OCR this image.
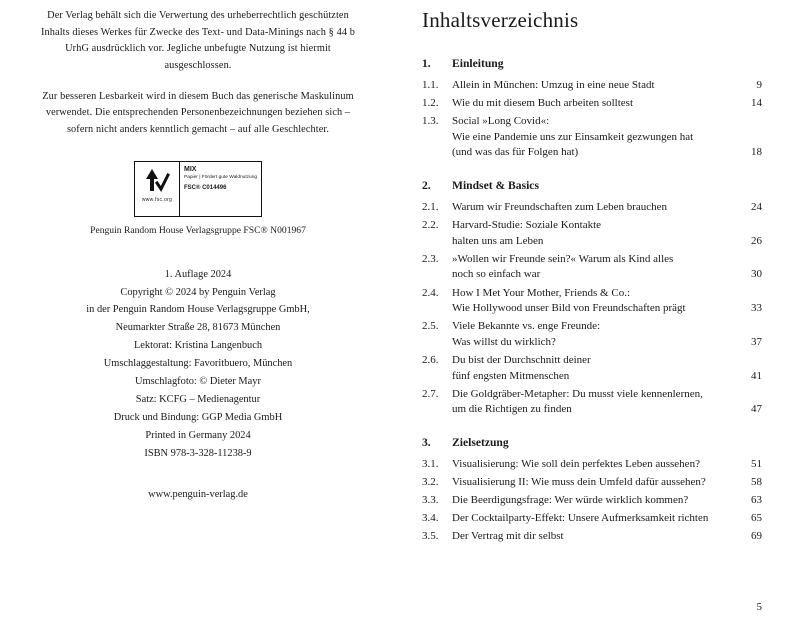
Der Verlag behält sich die Verwertung des urheberrechtlich geschützten Inhalts dieses Werkes für Zwecke des Text- und Data-Minings nach § 44 b UrhG ausdrücklich vor. Jegliche unbefugte Nutzung ist hiermit ausgeschlossen.

Zur besseren Lesbarkeit wird in diesem Buch das generische Maskulinum verwendet. Die entsprechenden Personenbezeichnungen beziehen sich – sofern nicht anders kenntlich gemacht – auf alle Geschlechter.

www.fsc.org
MIX
Papier | Fördert gute Waldnutzung
FSC® C014496
Penguin Random House Verlagsgruppe FSC® N001967
1. Auflage 2024
Copyright © 2024 by Penguin Verlag
in der Penguin Random House Verlagsgruppe GmbH,
Neumarkter Straße 28, 81673 München
Lektorat: Kristina Langenbuch
Umschlaggestaltung: Favoritbuero, München
Umschlagfoto: © Dieter Mayr
Satz: KCFG – Medienagentur
Druck und Bindung: GGP Media GmbH
Printed in Germany 2024
ISBN 978-3-328-11238-9
www.penguin-verlag.de
Inhaltsverzeichnis
1.	Einleitung
1.1.	Allein in München: Umzug in eine neue Stadt	9
1.2.	Wie du mit diesem Buch arbeiten solltest	14
1.3.	Social »Long Covid«:
Wie eine Pandemie uns zur Einsamkeit gezwungen hat
(und was das für Folgen hat)	18
2.	Mindset & Basics
2.1.	Warum wir Freundschaften zum Leben brauchen	24
2.2.	Harvard-Studie: Soziale Kontakte
halten uns am Leben	26
2.3.	»Wollen wir Freunde sein?« Warum als Kind alles
noch so einfach war	30
2.4.	How I Met Your Mother, Friends & Co.:
Wie Hollywood unser Bild von Freundschaften prägt	33
2.5.	Viele Bekannte vs. enge Freunde:
Was willst du wirklich?	37
2.6.	Du bist der Durchschnitt deiner
fünf engsten Mitmenschen	41
2.7.	Die Goldgräber-Metapher: Du musst viele kennenlernen,
um die Richtigen zu finden	47
3.	Zielsetzung
3.1.	Visualisierung: Wie soll dein perfektes Leben aussehen?	51
3.2.	Visualisierung II: Wie muss dein Umfeld dafür aussehen?	58
3.3.	Die Beerdigungsfrage: Wer würde wirklich kommen?	63
3.4.	Der Cocktailparty-Effekt: Unsere Aufmerksamkeit richten	65
3.5.	Der Vertrag mit dir selbst	69
5
